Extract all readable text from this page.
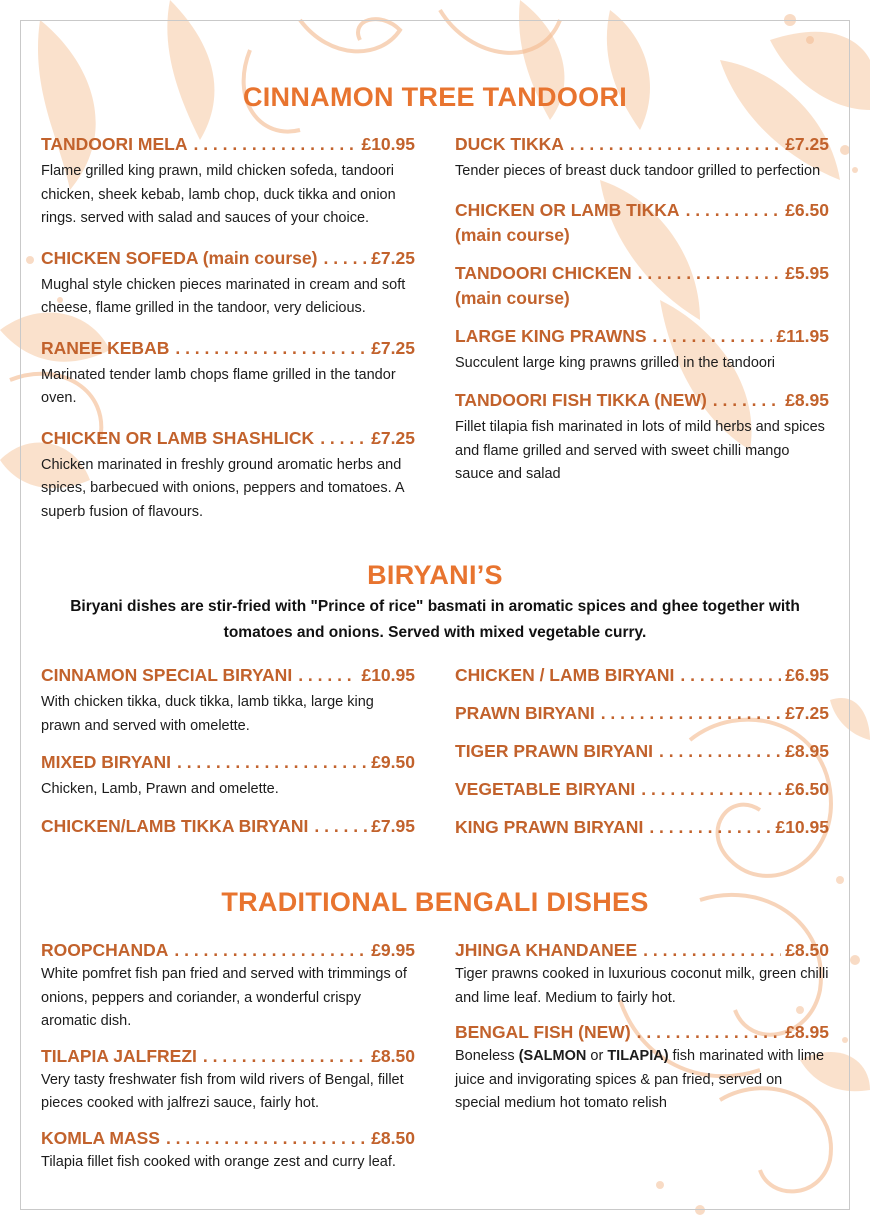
CINNAMON TREE TANDOORI
TANDOORI MELA . . .	£10.95
Flame grilled king prawn, mild chicken sofeda, tandoori chicken, sheek kebab, lamb chop, duck tikka and onion rings. served with salad and sauces of your choice.
CHICKEN SOFEDA (main course) . . .	£7.25
Mughal style chicken pieces marinated in cream and soft cheese, flame grilled in the tandoor, very delicious.
RANEE KEBAB . . .	£7.25
Marinated tender lamb chops flame grilled in the tandor oven.
CHICKEN OR LAMB SHASHLICK . . .	£7.25
Chicken marinated in freshly ground aromatic herbs and spices, barbecued with onions, peppers and tomatoes. A superb fusion of flavours.
DUCK TIKKA . . .	£7.25
Tender pieces of breast duck tandoor grilled to perfection
CHICKEN OR LAMB TIKKA . . .	£6.50
(main course)
TANDOORI CHICKEN . . .	£5.95
(main course)
LARGE KING PRAWNS . . .	£11.95
Succulent large king prawns grilled in the tandoori
TANDOORI FISH TIKKA (NEW) . . .	£8.95
Fillet tilapia fish marinated in lots of mild herbs and spices and flame grilled and served with sweet chilli mango sauce and salad
BIRYANI’S
Biryani dishes are stir-fried with "Prince of rice" basmati in aromatic spices and ghee together with tomatoes and onions. Served with mixed vegetable curry.
CINNAMON SPECIAL BIRYANI . . .	£10.95
With chicken tikka, duck tikka, lamb tikka, large king prawn and served with omelette.
MIXED BIRYANI . . .	£9.50
Chicken, Lamb, Prawn and omelette.
CHICKEN/LAMB TIKKA BIRYANI . . .	£7.95
CHICKEN / LAMB BIRYANI . . .	£6.95
PRAWN BIRYANI . . .	£7.25
TIGER PRAWN BIRYANI . . .	£8.95
VEGETABLE BIRYANI . . .	£6.50
KING PRAWN BIRYANI . . .	£10.95
TRADITIONAL BENGALI DISHES
ROOPCHANDA . . .	£9.95
White pomfret fish pan fried and served with trimmings of onions, peppers and coriander, a wonderful crispy aromatic dish.
TILAPIA JALFREZI . . .	£8.50
Very tasty freshwater fish from wild rivers of Bengal, fillet pieces cooked with jalfrezi sauce, fairly hot.
KOMLA MASS . . .	£8.50
Tilapia fillet fish cooked with orange zest and curry leaf.
JHINGA KHANDANEE . . .	£8.50
Tiger prawns cooked in luxurious coconut milk, green chilli and lime leaf. Medium to fairly hot.
BENGAL FISH (NEW) . . .	£8.95
Boneless (SALMON or TILAPIA) fish marinated with lime juice and invigorating spices & pan fried, served on special medium hot tomato relish
